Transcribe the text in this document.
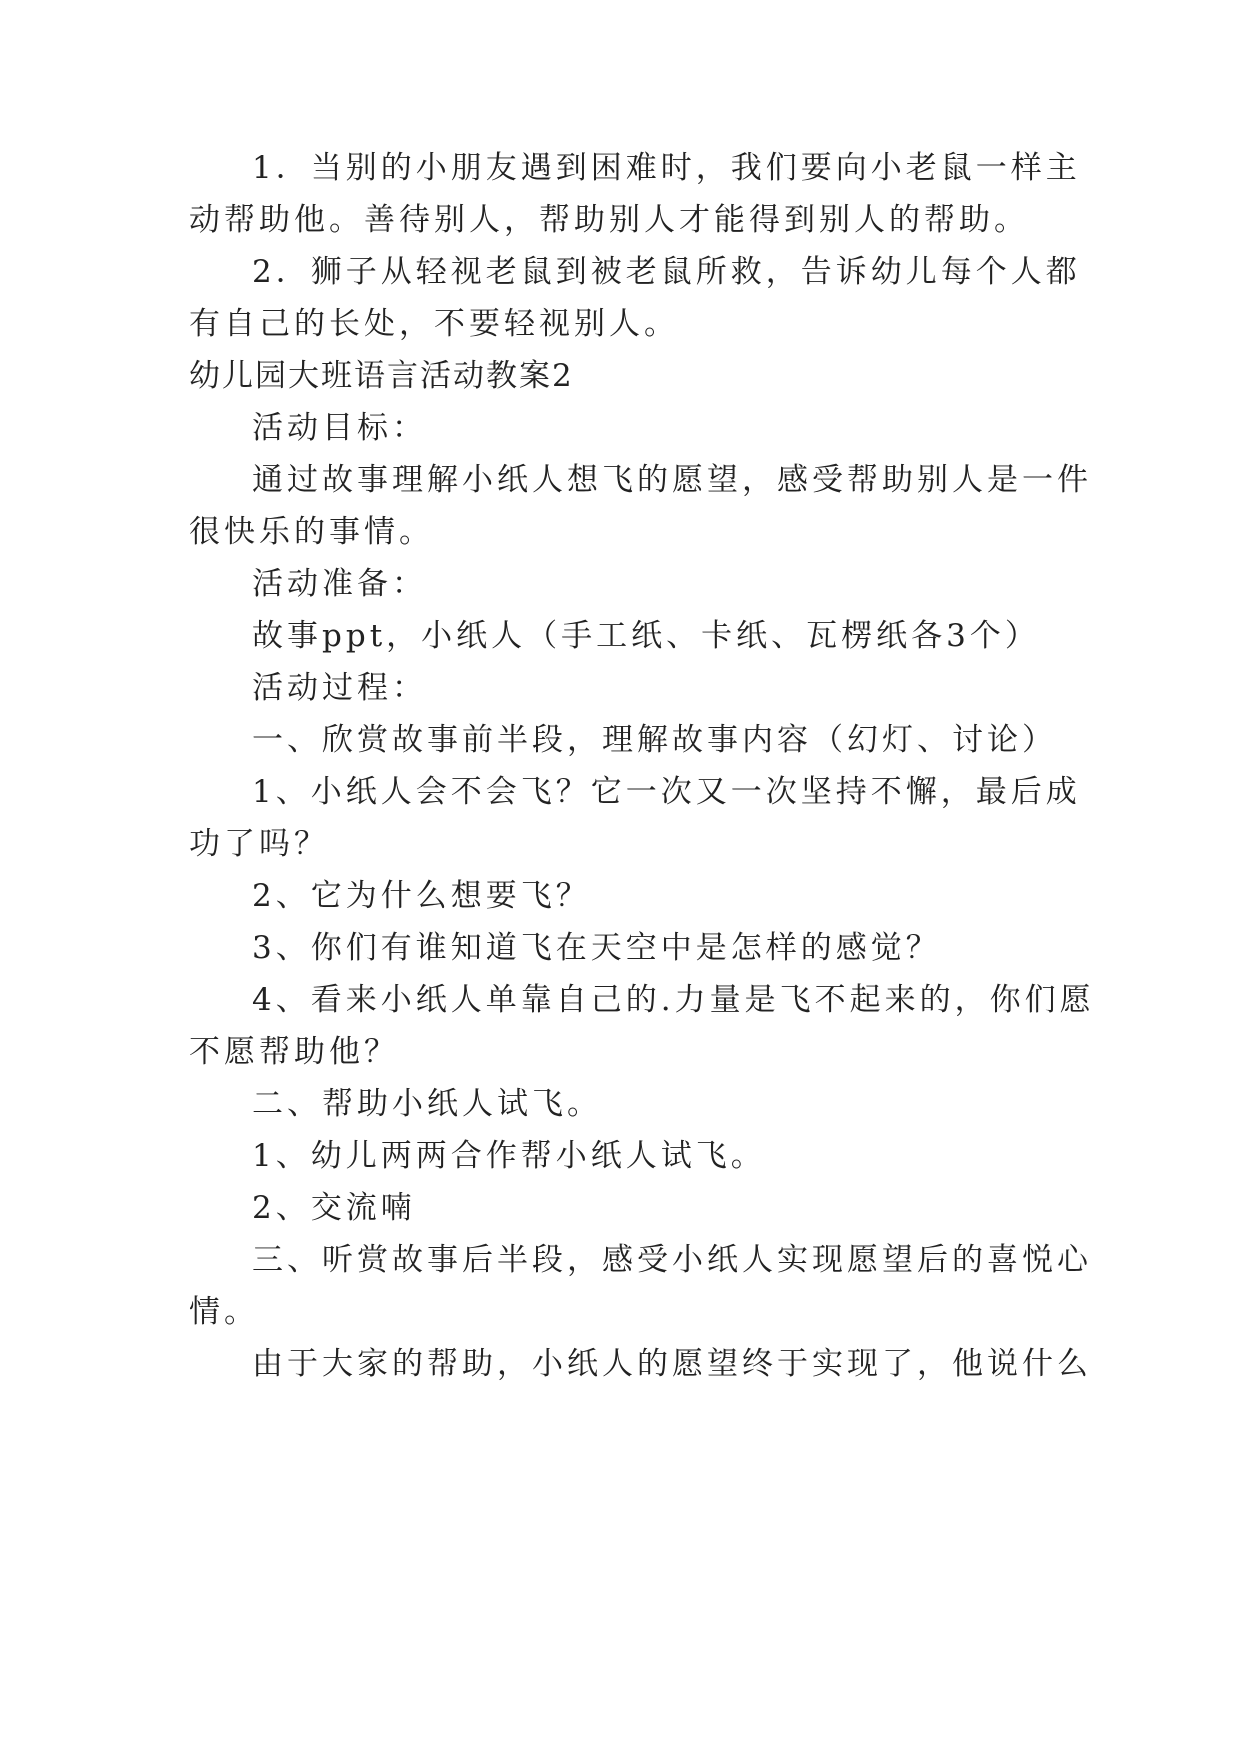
1．当别的小朋友遇到困难时，我们要向小老鼠一样主
动帮助他。善待别人，帮助别人才能得到别人的帮助。
2．狮子从轻视老鼠到被老鼠所救，告诉幼儿每个人都
有自己的长处，不要轻视别人。
幼儿园大班语言活动教案2
活动目标：
通过故事理解小纸人想飞的愿望，感受帮助别人是一件
很快乐的事情。
活动准备：
故事ppt，小纸人（手工纸、卡纸、瓦楞纸各3个）
活动过程：
一、欣赏故事前半段，理解故事内容（幻灯、讨论）
1、小纸人会不会飞？它一次又一次坚持不懈，最后成
功了吗？
2、它为什么想要飞？
3、你们有谁知道飞在天空中是怎样的感觉？
4、看来小纸人单靠自己的.力量是飞不起来的，你们愿
不愿帮助他？
二、帮助小纸人试飞。
1、幼儿两两合作帮小纸人试飞。
2、交流喃
三、听赏故事后半段，感受小纸人实现愿望后的喜悦心
情。
由于大家的帮助，小纸人的愿望终于实现了，他说什么
